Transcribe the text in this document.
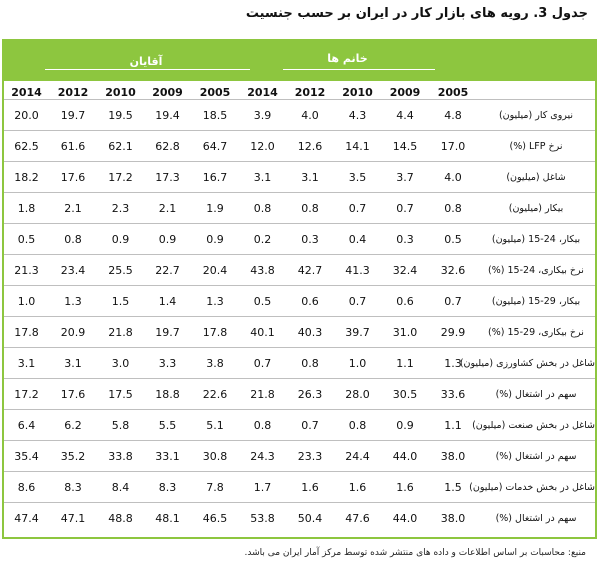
جدول 3. رويه هاى بازار كار در ايران بر حسب جنسيت
خانم ها
آقايان
2014	2012	2010	2009	2005	2014	2012	2010	2009	2005	
20.0	19.7	19.5	19.4	18.5	3.9	4.0	4.3	4.4	4.8	نيروى كار (ميليون)
62.5	61.6	62.1	62.8	64.7	12.0	12.6	14.1	14.5	17.0	نرخ LFP (%)
18.2	17.6	17.2	17.3	16.7	3.1	3.1	3.5	3.7	4.0	شاغل (ميليون)
1.8	2.1	2.3	2.1	1.9	0.8	0.8	0.7	0.7	0.8	بيكار (ميليون)
0.5	0.8	0.9	0.9	0.9	0.2	0.3	0.4	0.3	0.5	بيكار، 24-15 (ميليون)
21.3	23.4	25.5	22.7	20.4	43.8	42.7	41.3	32.4	32.6	نرخ بيكارى، 24-15 (%)
1.0	1.3	1.5	1.4	1.3	0.5	0.6	0.7	0.6	0.7	بيكار، 29-15 (ميليون)
17.8	20.9	21.8	19.7	17.8	40.1	40.3	39.7	31.0	29.9	نرخ بيكارى، 29-15 (%)
3.1	3.1	3.0	3.3	3.8	0.7	0.8	1.0	1.1	1.3	شاغل در بخش كشاورزى (ميليون)
17.2	17.6	17.5	18.8	22.6	21.8	26.3	28.0	30.5	33.6	سهم در اشتغال (%)
6.4	6.2	5.8	5.5	5.1	0.8	0.7	0.8	0.9	1.1	شاغل در بخش صنعت (ميليون)
35.4	35.2	33.8	33.1	30.8	24.3	23.3	24.4	44.0	38.0	سهم در اشتغال (%)
8.6	8.3	8.4	8.3	7.8	1.7	1.6	1.6	1.6	1.5	شاغل در بخش خدمات (ميليون)
47.4	47.1	48.8	48.1	46.5	53.8	50.4	47.6	44.0	38.0	سهم در اشتغال (%)
منبع: محاسبات بر اساس اطلاعات و داده هاى منتشر شده توسط مركز آمار ايران مى باشد.
